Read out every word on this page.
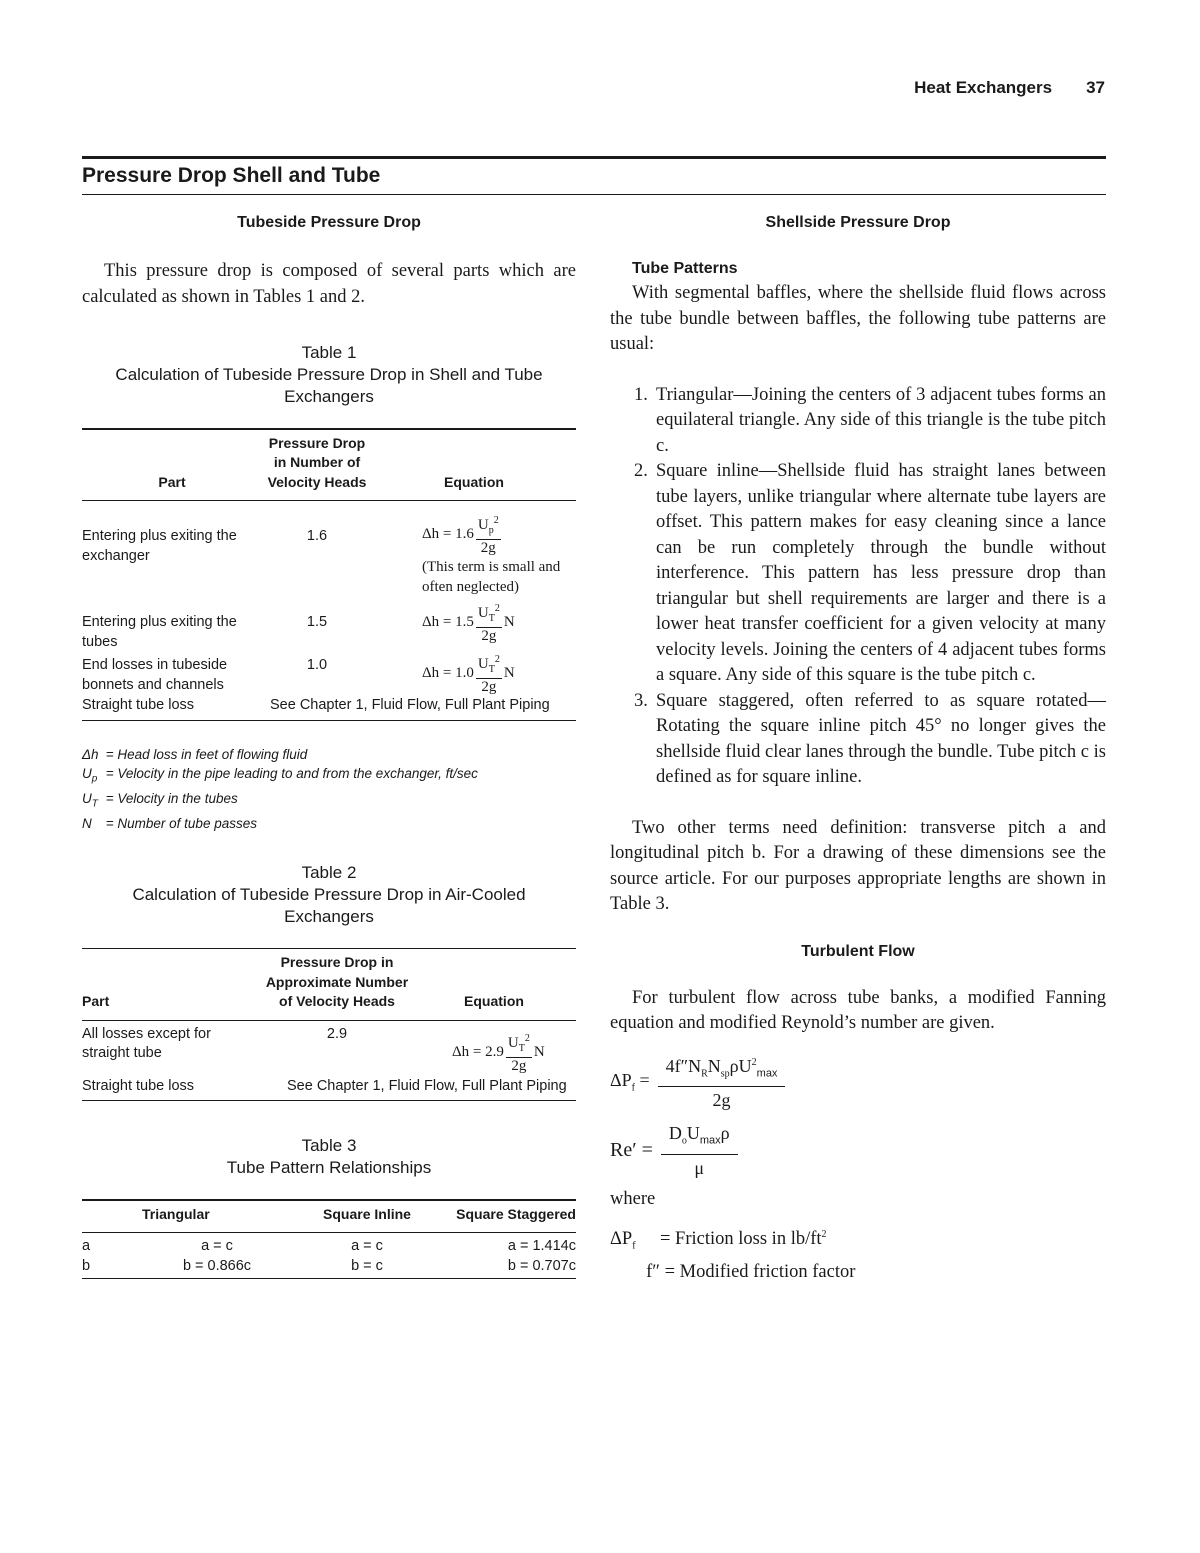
Heat Exchangers 37
Pressure Drop Shell and Tube

Tubeside Pressure Drop

This pressure drop is composed of several parts which are calculated as shown in Tables 1 and 2.

Table 1

Calculation of Tubeside Pressure Drop in Shell and Tube Exchangers

Part	Pressure Drop in Number of Velocity Heads	Equation
Entering plus exiting the exchanger	1.6	$\Delta h = 1.6 \frac{U_p^2}{2g}$
(This term is small and often neglected)

Entering plus exiting the tubes	1.5	$\Delta h = 1.5 \frac{U_T^2}{2g}$ N

End losses in tubeside bonnets and channels	1.0	$\Delta h = 1.0 \frac{U_T^2}{2g}$ N

Straight tube loss	See Chapter 1, Fluid Flow, Full Plant Piping	
Δh = Head loss in feet of flowing fluid
$U_p$ = Velocity in the pipe leading to and from the exchanger, ft/sec
$U_T$ = Velocity in the tubes
N = Number of tube passes

Table 2

Calculation of Tubeside Pressure Drop in Air-Cooled Exchangers

Part	Pressure Drop in Approximate Number of Velocity Heads	Equation
All losses except for straight tube	2.9	$\Delta h = 2.9 \frac{U_T^2}{2g}$ N

Straight tube loss	See Chapter 1, Fluid Flow, Full Plant Piping	

Table 3

Tube Pattern Relationships

	Triangular	Square Inline	Square Staggered
a	a = c	a = c	a = 1.414c
b	b = 0.866c	b = c	b = 0.707c

Shellside Pressure Drop

Tube Patterns

With segmental baffles, where the shellside fluid flows across the tube bundle between baffles, the following tube patterns are usual:

1. Triangular—Joining the centers of 3 adjacent tubes forms an equilateral triangle. Any side of this triangle is the tube pitch c.
2. Square inline—Shellside fluid has straight lanes between tube layers, unlike triangular where alternate tube layers are offset. This pattern makes for easy cleaning since a lance can be run completely through the bundle without interference. This pattern has less pressure drop than triangular but shell requirements are larger and there is a lower heat transfer coefficient for a given velocity at many velocity levels. Joining the centers of 4 adjacent tubes forms a square. Any side of this square is the tube pitch c.
3. Square staggered, often referred to as square rotated—Rotating the square inline pitch 45° no longer gives the shellside fluid clear lanes through the bundle. Tube pitch c is defined as for square inline.

Two other terms need definition: transverse pitch a and longitudinal pitch b. For a drawing of these dimensions see the source article. For our purposes appropriate lengths are shown in Table 3.

Turbulent Flow

For turbulent flow across tube banks, a modified Fanning equation and modified Reynold’s number are given.

$\Delta P_f = \frac{4f''N_RN_{sp}\rho U^2_{max}}{2g}$
$Re' = \frac{D_oU_{max}\rho}{\mu}$
where
$\Delta P_f$ = Friction loss in $lb/ft^2$
f″ = Modified friction factor
